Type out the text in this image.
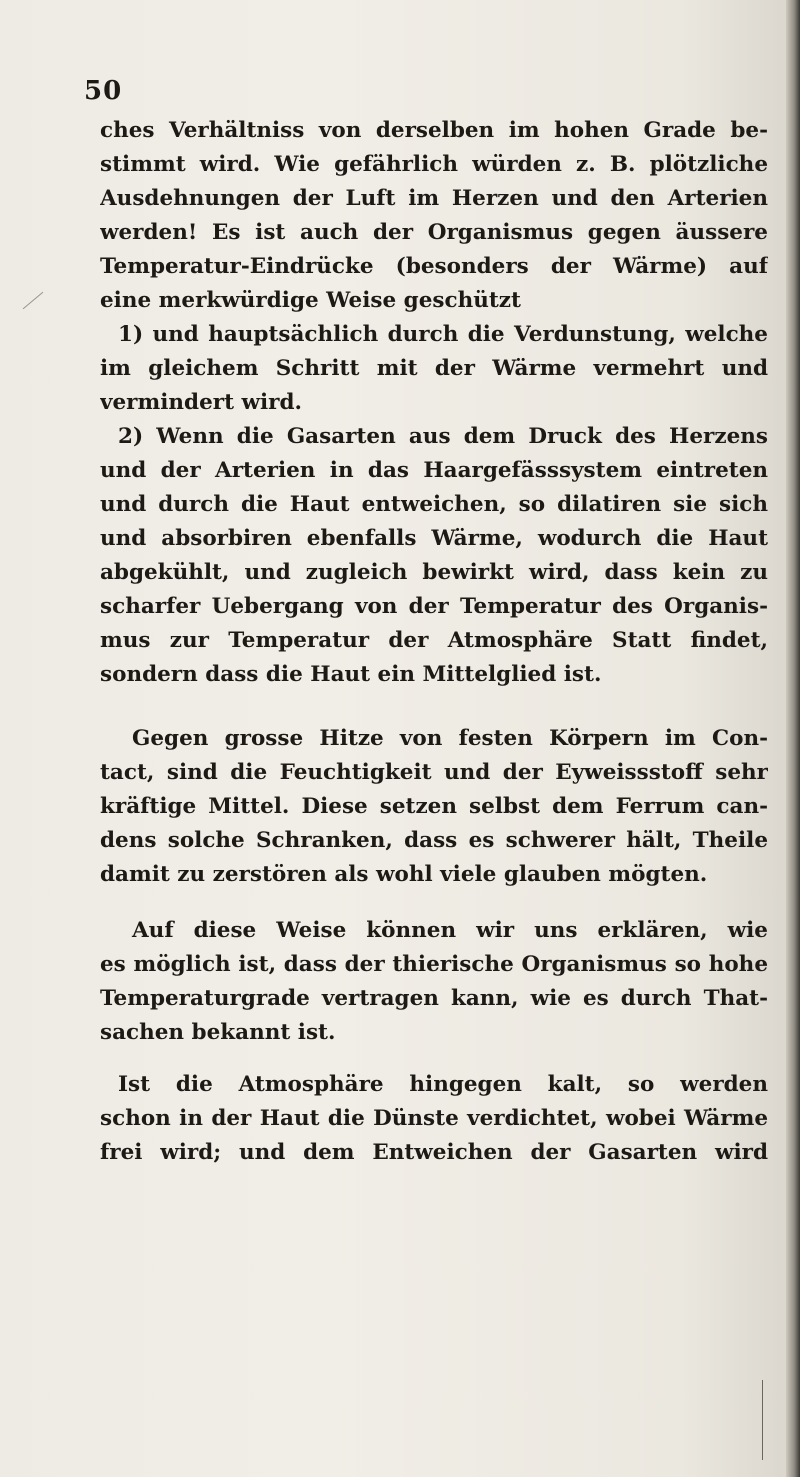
50
ches Verhältniss von derselben im hohen Grade be-
stimmt wird. Wie gefährlich würden z. B. plötzliche
Ausdehnungen der Luft im Herzen und den Arterien
werden! Es ist auch der Organismus gegen äussere
Temperatur-Eindrücke (besonders der Wärme) auf
eine merkwürdige Weise geschützt
1) und hauptsächlich durch die Verdunstung, welche
im gleichem Schritt mit der Wärme vermehrt und
vermindert wird.
2) Wenn die Gasarten aus dem Druck des Herzens
und der Arterien in das Haargefässsystem eintreten
und durch die Haut entweichen, so dilatiren sie sich
und absorbiren ebenfalls Wärme, wodurch die Haut
abgekühlt, und zugleich bewirkt wird, dass kein zu
scharfer Uebergang von der Temperatur des Organis-
mus zur Temperatur der Atmosphäre Statt findet,
sondern dass die Haut ein Mittelglied ist.
Gegen grosse Hitze von festen Körpern im Con-
tact, sind die Feuchtigkeit und der Eyweissstoff sehr
kräftige Mittel. Diese setzen selbst dem Ferrum can-
dens solche Schranken, dass es schwerer hält, Theile
damit zu zerstören als wohl viele glauben mögten.
Auf diese Weise können wir uns erklären, wie
es möglich ist, dass der thierische Organismus so hohe
Temperaturgrade vertragen kann, wie es durch That-
sachen bekannt ist.
Ist die Atmosphäre hingegen kalt, so werden
schon in der Haut die Dünste verdichtet, wobei Wärme
frei wird; und dem Entweichen der Gasarten wird
